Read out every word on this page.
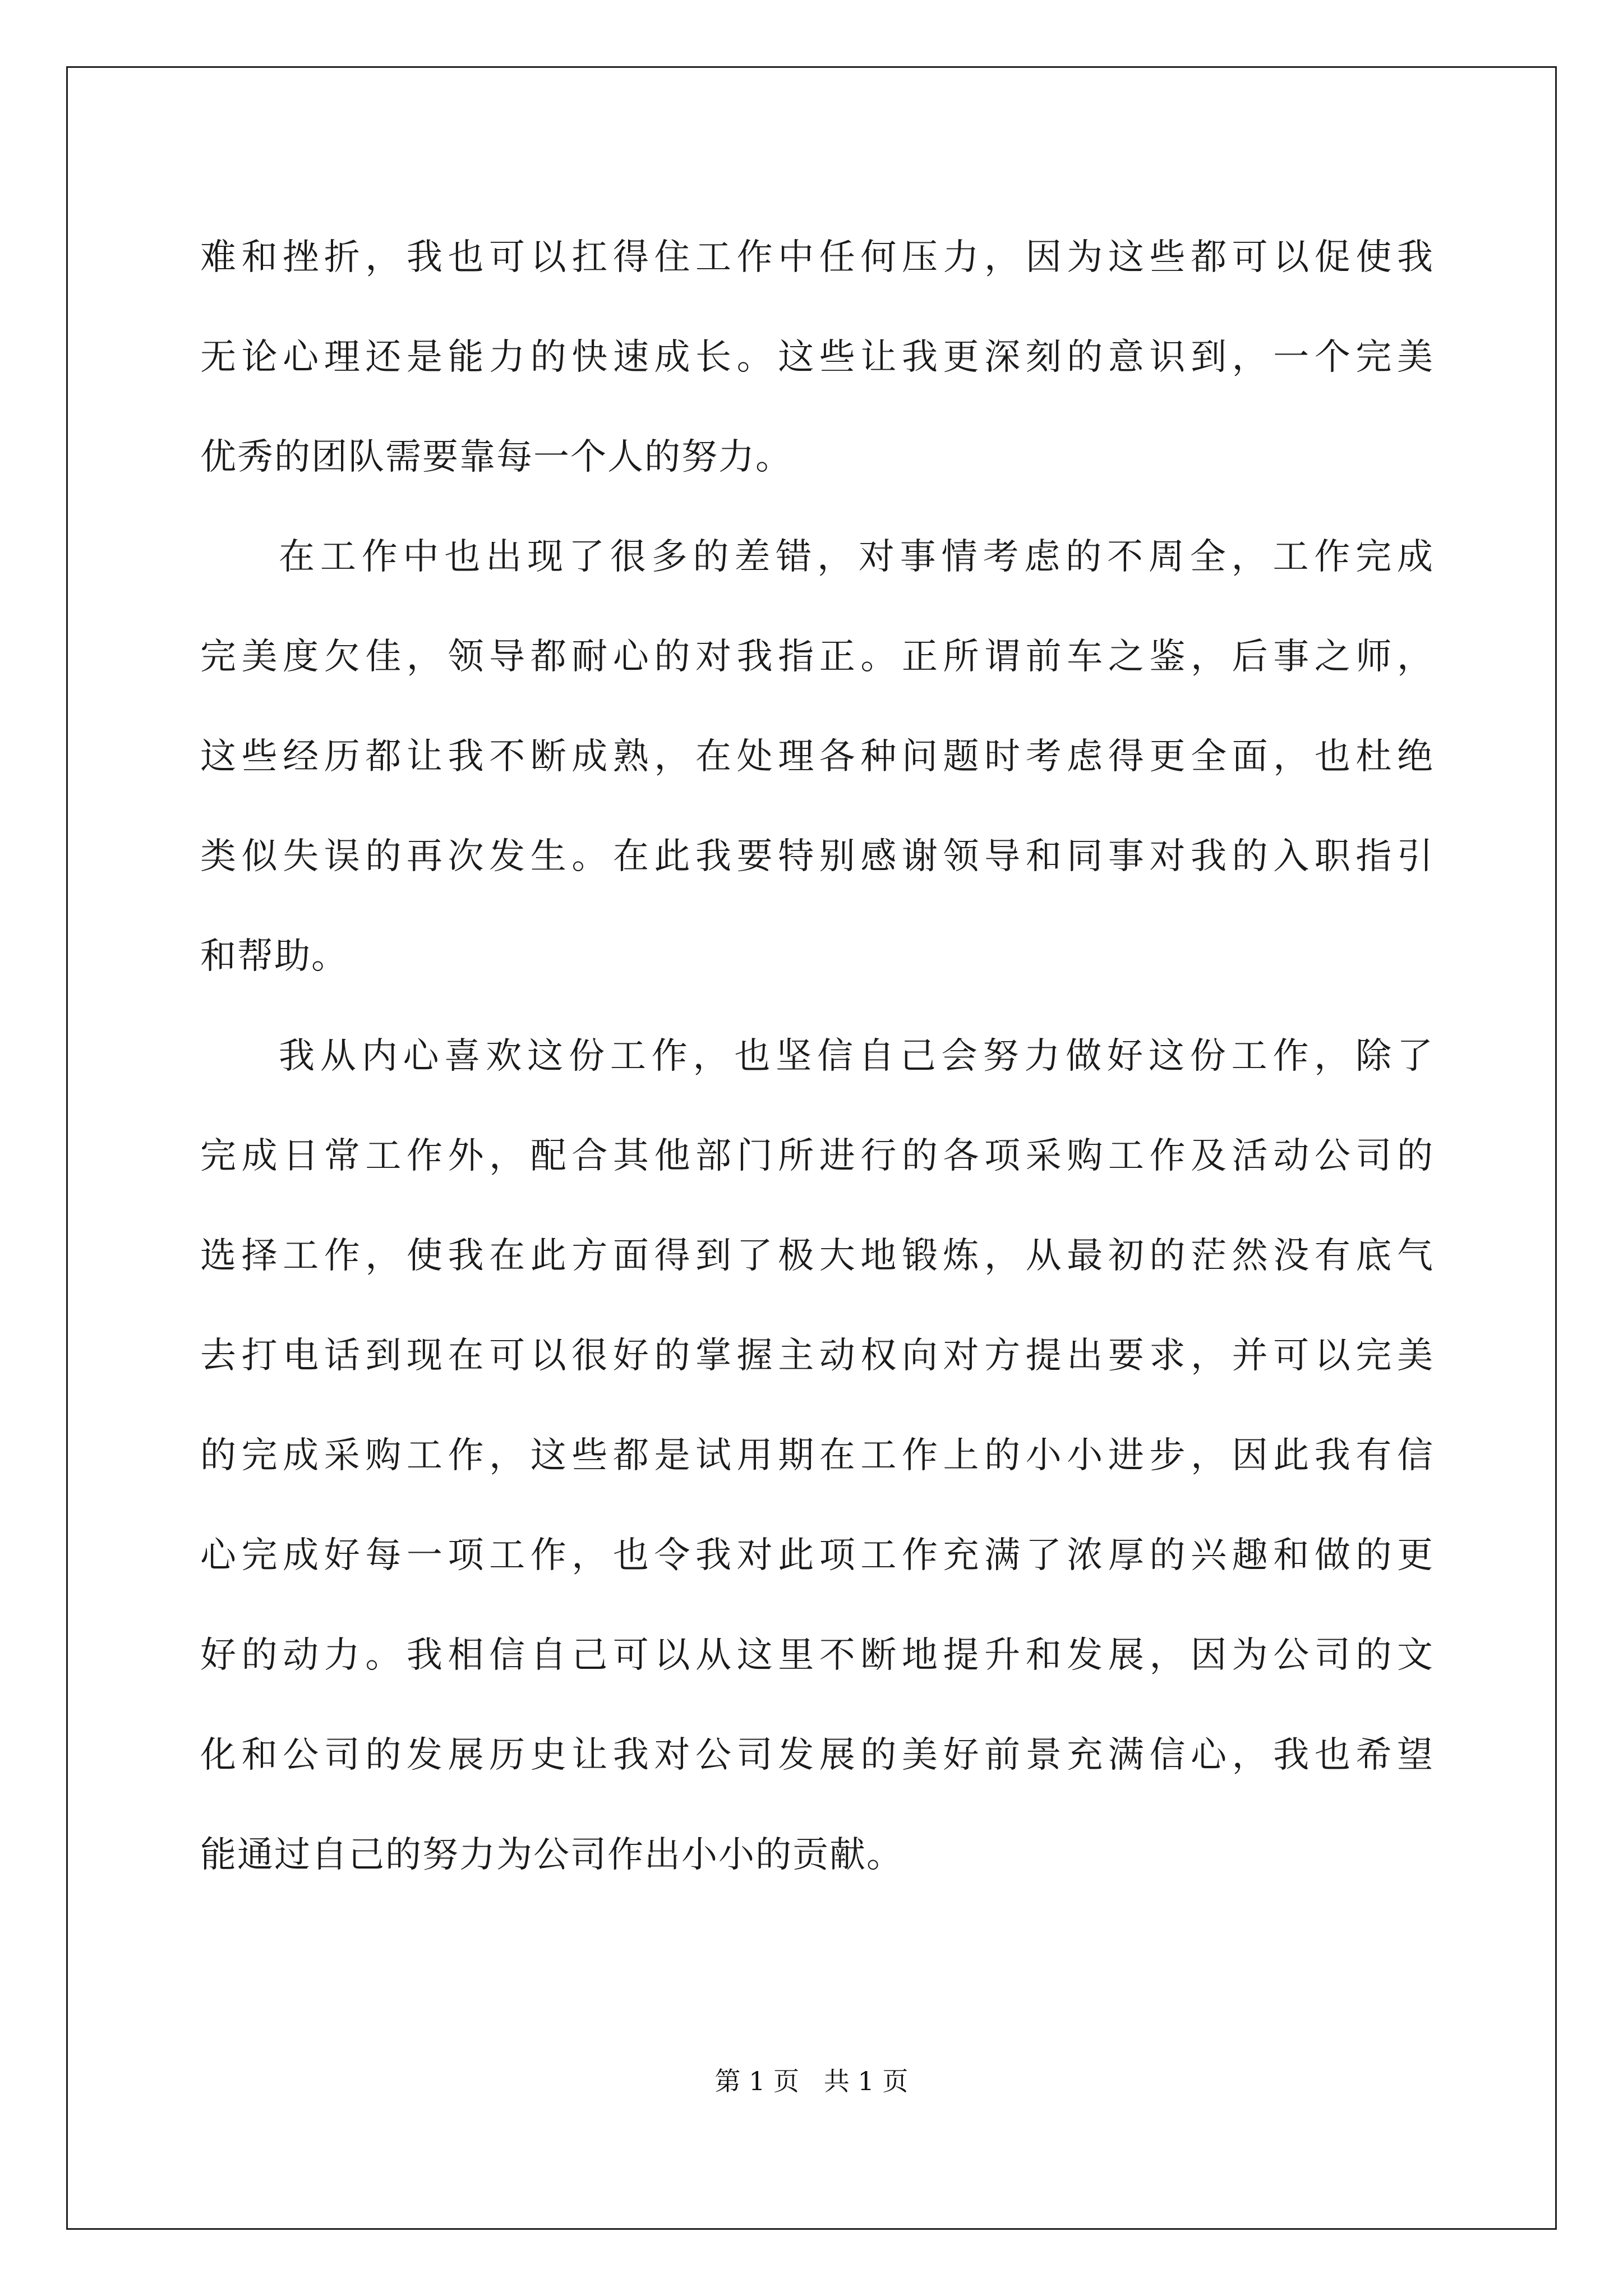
难和挫折，我也可以扛得住工作中任何压力，因为这些都可以促使我
无论心理还是能力的快速成长。这些让我更深刻的意识到，一个完美
优秀的团队需要靠每一个人的努力。
在工作中也出现了很多的差错，对事情考虑的不周全，工作完成
完美度欠佳，领导都耐心的对我指正。正所谓前车之鉴，后事之师，
这些经历都让我不断成熟，在处理各种问题时考虑得更全面，也杜绝
类似失误的再次发生。在此我要特别感谢领导和同事对我的入职指引
和帮助。
我从内心喜欢这份工作，也坚信自己会努力做好这份工作，除了
完成日常工作外，配合其他部门所进行的各项采购工作及活动公司的
选择工作，使我在此方面得到了极大地锻炼，从最初的茫然没有底气
去打电话到现在可以很好的掌握主动权向对方提出要求，并可以完美
的完成采购工作，这些都是试用期在工作上的小小进步，因此我有信
心完成好每一项工作，也令我对此项工作充满了浓厚的兴趣和做的更
好的动力。我相信自己可以从这里不断地提升和发展，因为公司的文
化和公司的发展历史让我对公司发展的美好前景充满信心，我也希望
能通过自己的努力为公司作出小小的贡献。
第 1 页   共 1 页
